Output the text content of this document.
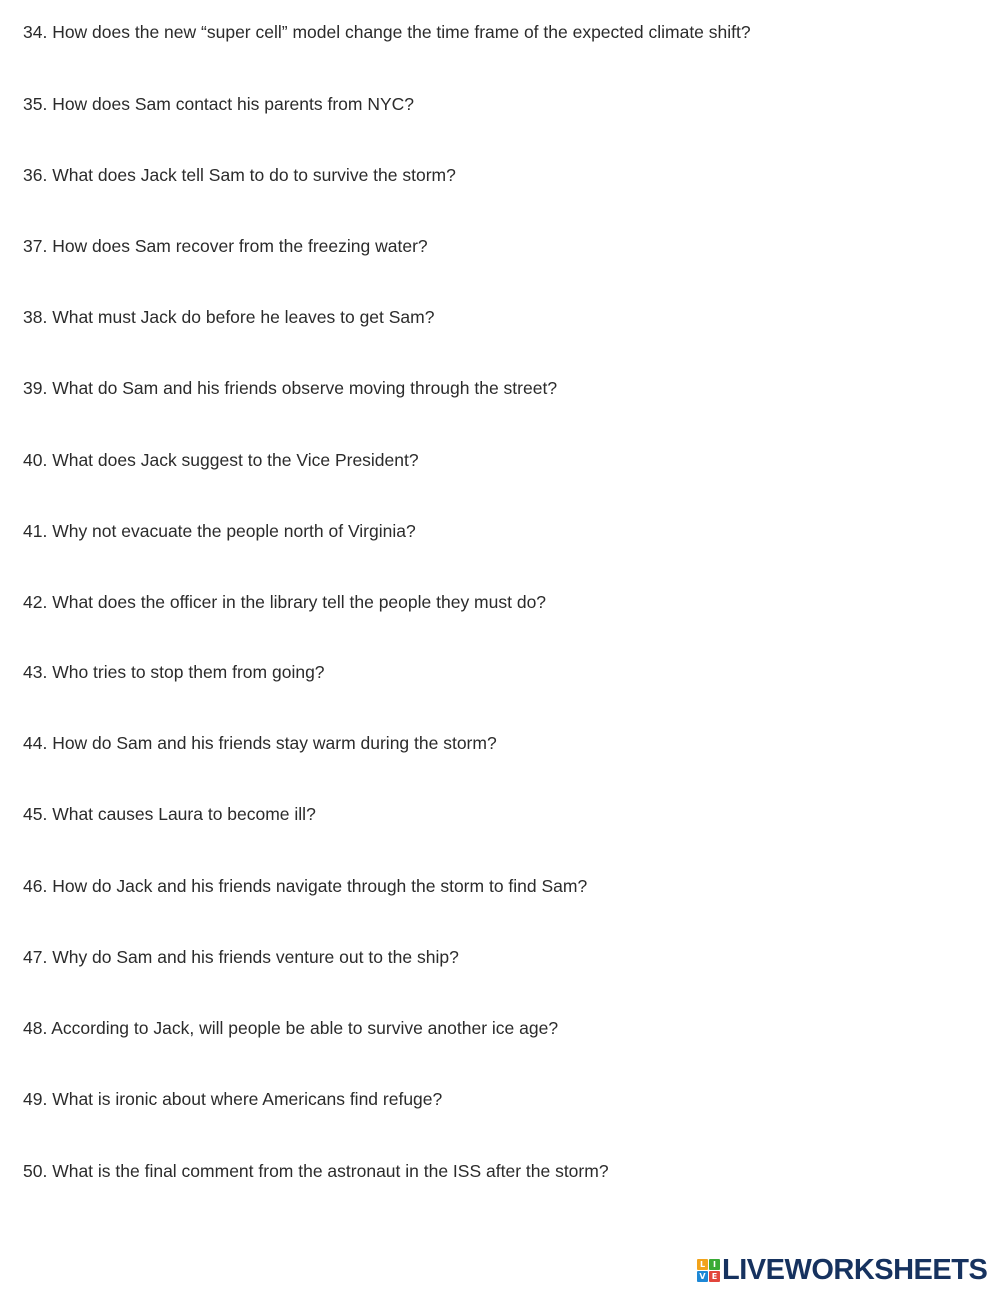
34. How does the new “super cell” model change the time frame of the expected climate shift?
35. How does Sam contact his parents from NYC?
36. What does Jack tell Sam to do to survive the storm?
37. How does Sam recover from the freezing water?
38. What must Jack do before he leaves to get Sam?
39. What do Sam and his friends observe moving through the street?
40. What does Jack suggest to the Vice President?
41. Why not evacuate the people north of Virginia?
42. What does the officer in the library tell the people they must do?
43. Who tries to stop them from going?
44. How do Sam and his friends stay warm during the storm?
45. What causes Laura to become ill?
46. How do Jack and his friends navigate through the storm to find Sam?
47. Why do Sam and his friends venture out to the ship?
48. According to Jack, will people be able to survive another ice age?
49. What is ironic about where Americans find refuge?
50. What is the final comment from the astronaut in the ISS after the storm?
L I
V E LIVEWORKSHEETS
